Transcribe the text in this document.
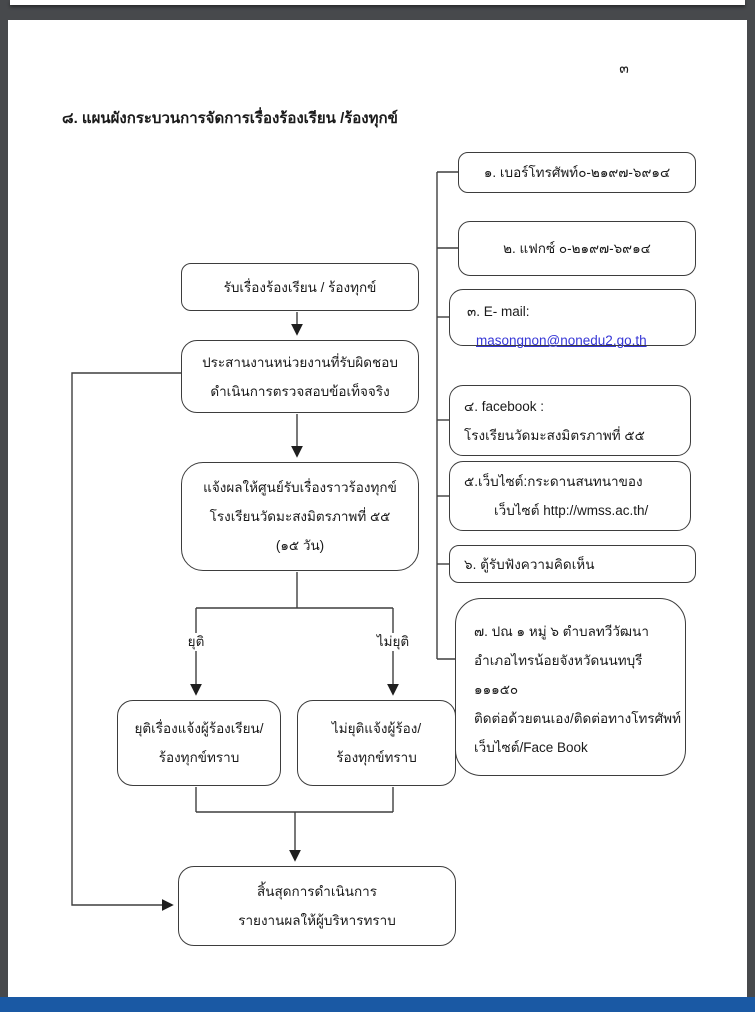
๓
๘. แผนผังกระบวนการจัดการเรื่องร้องเรียน /ร้องทุกข์
รับเรื่องร้องเรียน / ร้องทุกข์
ประสานงานหน่วยงานที่รับผิดชอบ
ดำเนินการตรวจสอบข้อเท็จจริง
แจ้งผลให้ศูนย์รับเรื่องราวร้องทุกข์
โรงเรียนวัดมะสงมิตรภาพที่ ๕๕
(๑๕ วัน)
ยุติ	ไม่ยุติ
ยุติเรื่องแจ้งผู้ร้องเรียน/
ร้องทุกข์ทราบ
ไม่ยุติแจ้งผู้ร้อง/
ร้องทุกข์ทราบ
สิ้นสุดการดำเนินการ
รายงานผลให้ผู้บริหารทราบ
๑. เบอร์โทรศัพท์๐-๒๑๙๗-๖๙๑๔
๒. แฟกซ์ ๐-๒๑๙๗-๖๙๑๔
๓. E- mail:
masongnon@nonedu2.go.th
๔. facebook :
โรงเรียนวัดมะสงมิตรภาพที่ ๕๕
๕.เว็บไซต์:กระดานสนทนาของ
เว็บไซต์ http://wmss.ac.th/
๖. ตู้รับฟังความคิดเห็น
๗. ปณ ๑ หมู่ ๖ ตำบลทวีวัฒนา
อำเภอไทรน้อยจังหวัดนนทบุรี
๑๑๑๕๐
ติดต่อด้วยตนเอง/ติดต่อทางโทรศัพท์
เว็บไซต์/Face Book
